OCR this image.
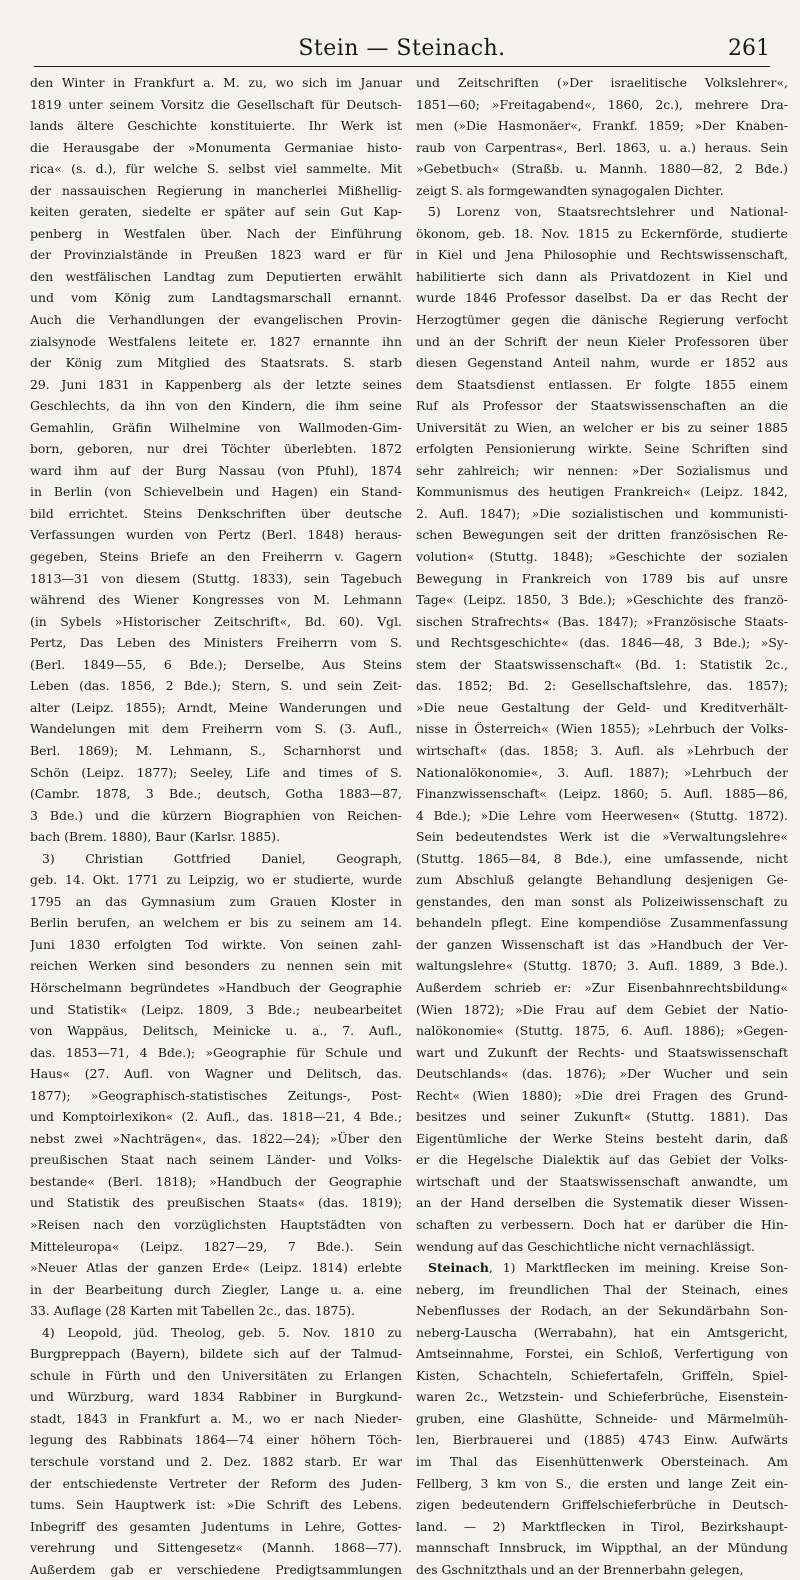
Stein — Steinach.	261
den Winter in Frankfurt a. M. zu, wo sich im Januar
1819 unter seinem Vorsitz die Gesellschaft für Deutsch-
lands ältere Geschichte konstituierte. Ihr Werk ist
die Herausgabe der »Monumenta Germaniae histo-
rica« (s. d.), für welche S. selbst viel sammelte. Mit
der nassauischen Regierung in mancherlei Mißhellig-
keiten geraten, siedelte er später auf sein Gut Kap-
penberg in Westfalen über. Nach der Einführung
der Provinzialstände in Preußen 1823 ward er für
den westfälischen Landtag zum Deputierten erwählt
und vom König zum Landtagsmarschall ernannt.
Auch die Verhandlungen der evangelischen Provin-
zialsynode Westfalens leitete er. 1827 ernannte ihn
der König zum Mitglied des Staatsrats. S. starb
29. Juni 1831 in Kappenberg als der letzte seines
Geschlechts, da ihn von den Kindern, die ihm seine
Gemahlin, Gräfin Wilhelmine von Wallmoden-Gim-
born, geboren, nur drei Töchter überlebten. 1872
ward ihm auf der Burg Nassau (von Pfuhl), 1874
in Berlin (von Schievelbein und Hagen) ein Stand-
bild errichtet. Steins Denkschriften über deutsche
Verfassungen wurden von Pertz (Berl. 1848) heraus-
gegeben, Steins Briefe an den Freiherrn v. Gagern
1813—31 von diesem (Stuttg. 1833), sein Tagebuch
während des Wiener Kongresses von M. Lehmann
(in Sybels »Historischer Zeitschrift«, Bd. 60). Vgl.
Pertz, Das Leben des Ministers Freiherrn vom S.
(Berl. 1849—55, 6 Bde.); Derselbe, Aus Steins
Leben (das. 1856, 2 Bde.); Stern, S. und sein Zeit-
alter (Leipz. 1855); Arndt, Meine Wanderungen und
Wandelungen mit dem Freiherrn vom S. (3. Aufl.,
Berl. 1869); M. Lehmann, S., Scharnhorst und
Schön (Leipz. 1877); Seeley, Life and times of S.
(Cambr. 1878, 3 Bde.; deutsch, Gotha 1883—87,
3 Bde.) und die kürzern Biographien von Reichen-
bach (Brem. 1880), Baur (Karlsr. 1885).
3) Christian Gottfried Daniel, Geograph,
geb. 14. Okt. 1771 zu Leipzig, wo er studierte, wurde
1795 an das Gymnasium zum Grauen Kloster in
Berlin berufen, an welchem er bis zu seinem am 14.
Juni 1830 erfolgten Tod wirkte. Von seinen zahl-
reichen Werken sind besonders zu nennen sein mit
Hörschelmann begründetes »Handbuch der Geographie
und Statistik« (Leipz. 1809, 3 Bde.; neubearbeitet
von Wappäus, Delitsch, Meinicke u. a., 7. Aufl.,
das. 1853—71, 4 Bde.); »Geographie für Schule und
Haus« (27. Aufl. von Wagner und Delitsch, das.
1877); »Geographisch-statistisches Zeitungs-, Post-
und Komptoirlexikon« (2. Aufl., das. 1818—21, 4 Bde.;
nebst zwei »Nachträgen«, das. 1822—24); »Über den
preußischen Staat nach seinem Länder- und Volks-
bestande« (Berl. 1818); »Handbuch der Geographie
und Statistik des preußischen Staats« (das. 1819);
»Reisen nach den vorzüglichsten Hauptstädten von
Mitteleuropa« (Leipz. 1827—29, 7 Bde.). Sein
»Neuer Atlas der ganzen Erde« (Leipz. 1814) erlebte
in der Bearbeitung durch Ziegler, Lange u. a. eine
33. Auflage (28 Karten mit Tabellen 2c., das. 1875).
4) Leopold, jüd. Theolog, geb. 5. Nov. 1810 zu
Burgpreppach (Bayern), bildete sich auf der Talmud-
schule in Fürth und den Universitäten zu Erlangen
und Würzburg, ward 1834 Rabbiner in Burgkund-
stadt, 1843 in Frankfurt a. M., wo er nach Nieder-
legung des Rabbinats 1864—74 einer höhern Töch-
terschule vorstand und 2. Dez. 1882 starb. Er war
der entschiedenste Vertreter der Reform des Juden-
tums. Sein Hauptwerk ist: »Die Schrift des Lebens.
Inbegriff des gesamten Judentums in Lehre, Gottes-
verehrung und Sittengesetz« (Mannh. 1868—77).
Außerdem gab er verschiedene Predigtsammlungen
und Zeitschriften (»Der israelitische Volkslehrer«,
1851—60; »Freitagabend«, 1860, 2c.), mehrere Dra-
men (»Die Hasmonäer«, Frankf. 1859; »Der Knaben-
raub von Carpentras«, Berl. 1863, u. a.) heraus. Sein
»Gebetbuch« (Straßb. u. Mannh. 1880—82, 2 Bde.)
zeigt S. als formgewandten synagogalen Dichter.
5) Lorenz von, Staatsrechtslehrer und National-
ökonom, geb. 18. Nov. 1815 zu Eckernförde, studierte
in Kiel und Jena Philosophie und Rechtswissenschaft,
habilitierte sich dann als Privatdozent in Kiel und
wurde 1846 Professor daselbst. Da er das Recht der
Herzogtümer gegen die dänische Regierung verfocht
und an der Schrift der neun Kieler Professoren über
diesen Gegenstand Anteil nahm, wurde er 1852 aus
dem Staatsdienst entlassen. Er folgte 1855 einem
Ruf als Professor der Staatswissenschaften an die
Universität zu Wien, an welcher er bis zu seiner 1885
erfolgten Pensionierung wirkte. Seine Schriften sind
sehr zahlreich; wir nennen: »Der Sozialismus und
Kommunismus des heutigen Frankreich« (Leipz. 1842,
2. Aufl. 1847); »Die sozialistischen und kommunisti-
schen Bewegungen seit der dritten französischen Re-
volution« (Stuttg. 1848); »Geschichte der sozialen
Bewegung in Frankreich von 1789 bis auf unsre
Tage« (Leipz. 1850, 3 Bde.); »Geschichte des franzö-
sischen Strafrechts« (Bas. 1847); »Französische Staats-
und Rechtsgeschichte« (das. 1846—48, 3 Bde.); »Sy-
stem der Staatswissenschaft« (Bd. 1: Statistik 2c.,
das. 1852; Bd. 2: Gesellschaftslehre, das. 1857);
»Die neue Gestaltung der Geld- und Kreditverhält-
nisse in Österreich« (Wien 1855); »Lehrbuch der Volks-
wirtschaft« (das. 1858; 3. Aufl. als »Lehrbuch der
Nationalökonomie«, 3. Aufl. 1887); »Lehrbuch der
Finanzwissenschaft« (Leipz. 1860; 5. Aufl. 1885—86,
4 Bde.); »Die Lehre vom Heerwesen« (Stuttg. 1872).
Sein bedeutendstes Werk ist die »Verwaltungslehre«
(Stuttg. 1865—84, 8 Bde.), eine umfassende, nicht
zum Abschluß gelangte Behandlung desjenigen Ge-
genstandes, den man sonst als Polizeiwissenschaft zu
behandeln pflegt. Eine kompendiöse Zusammenfassung
der ganzen Wissenschaft ist das »Handbuch der Ver-
waltungslehre« (Stuttg. 1870; 3. Aufl. 1889, 3 Bde.).
Außerdem schrieb er: »Zur Eisenbahnrechtsbildung«
(Wien 1872); »Die Frau auf dem Gebiet der Natio-
nalökonomie« (Stuttg. 1875, 6. Aufl. 1886); »Gegen-
wart und Zukunft der Rechts- und Staatswissenschaft
Deutschlands« (das. 1876); »Der Wucher und sein
Recht« (Wien 1880); »Die drei Fragen des Grund-
besitzes und seiner Zukunft« (Stuttg. 1881). Das
Eigentümliche der Werke Steins besteht darin, daß
er die Hegelsche Dialektik auf das Gebiet der Volks-
wirtschaft und der Staatswissenschaft anwandte, um
an der Hand derselben die Systematik dieser Wissen-
schaften zu verbessern. Doch hat er darüber die Hin-
wendung auf das Geschichtliche nicht vernachlässigt.
Steinach, 1) Marktflecken im meining. Kreise Son-
neberg, im freundlichen Thal der Steinach, eines
Nebenflusses der Rodach, an der Sekundärbahn Son-
neberg-Lauscha (Werrabahn), hat ein Amtsgericht,
Amtseinnahme, Forstei, ein Schloß, Verfertigung von
Kisten, Schachteln, Schiefertafeln, Griffeln, Spiel-
waren 2c., Wetzstein- und Schieferbrüche, Eisenstein-
gruben, eine Glashütte, Schneide- und Märmelmüh-
len, Bierbrauerei und (1885) 4743 Einw. Aufwärts
im Thal das Eisenhüttenwerk Obersteinach. Am
Fellberg, 3 km von S., die ersten und lange Zeit ein-
zigen bedeutendern Griffelschieferbrüche in Deutsch-
land. — 2) Marktflecken in Tirol, Bezirkshaupt-
mannschaft Innsbruck, im Wippthal, an der Mündung
des Gschnitzthals und an der Brennerbahn gelegen,
